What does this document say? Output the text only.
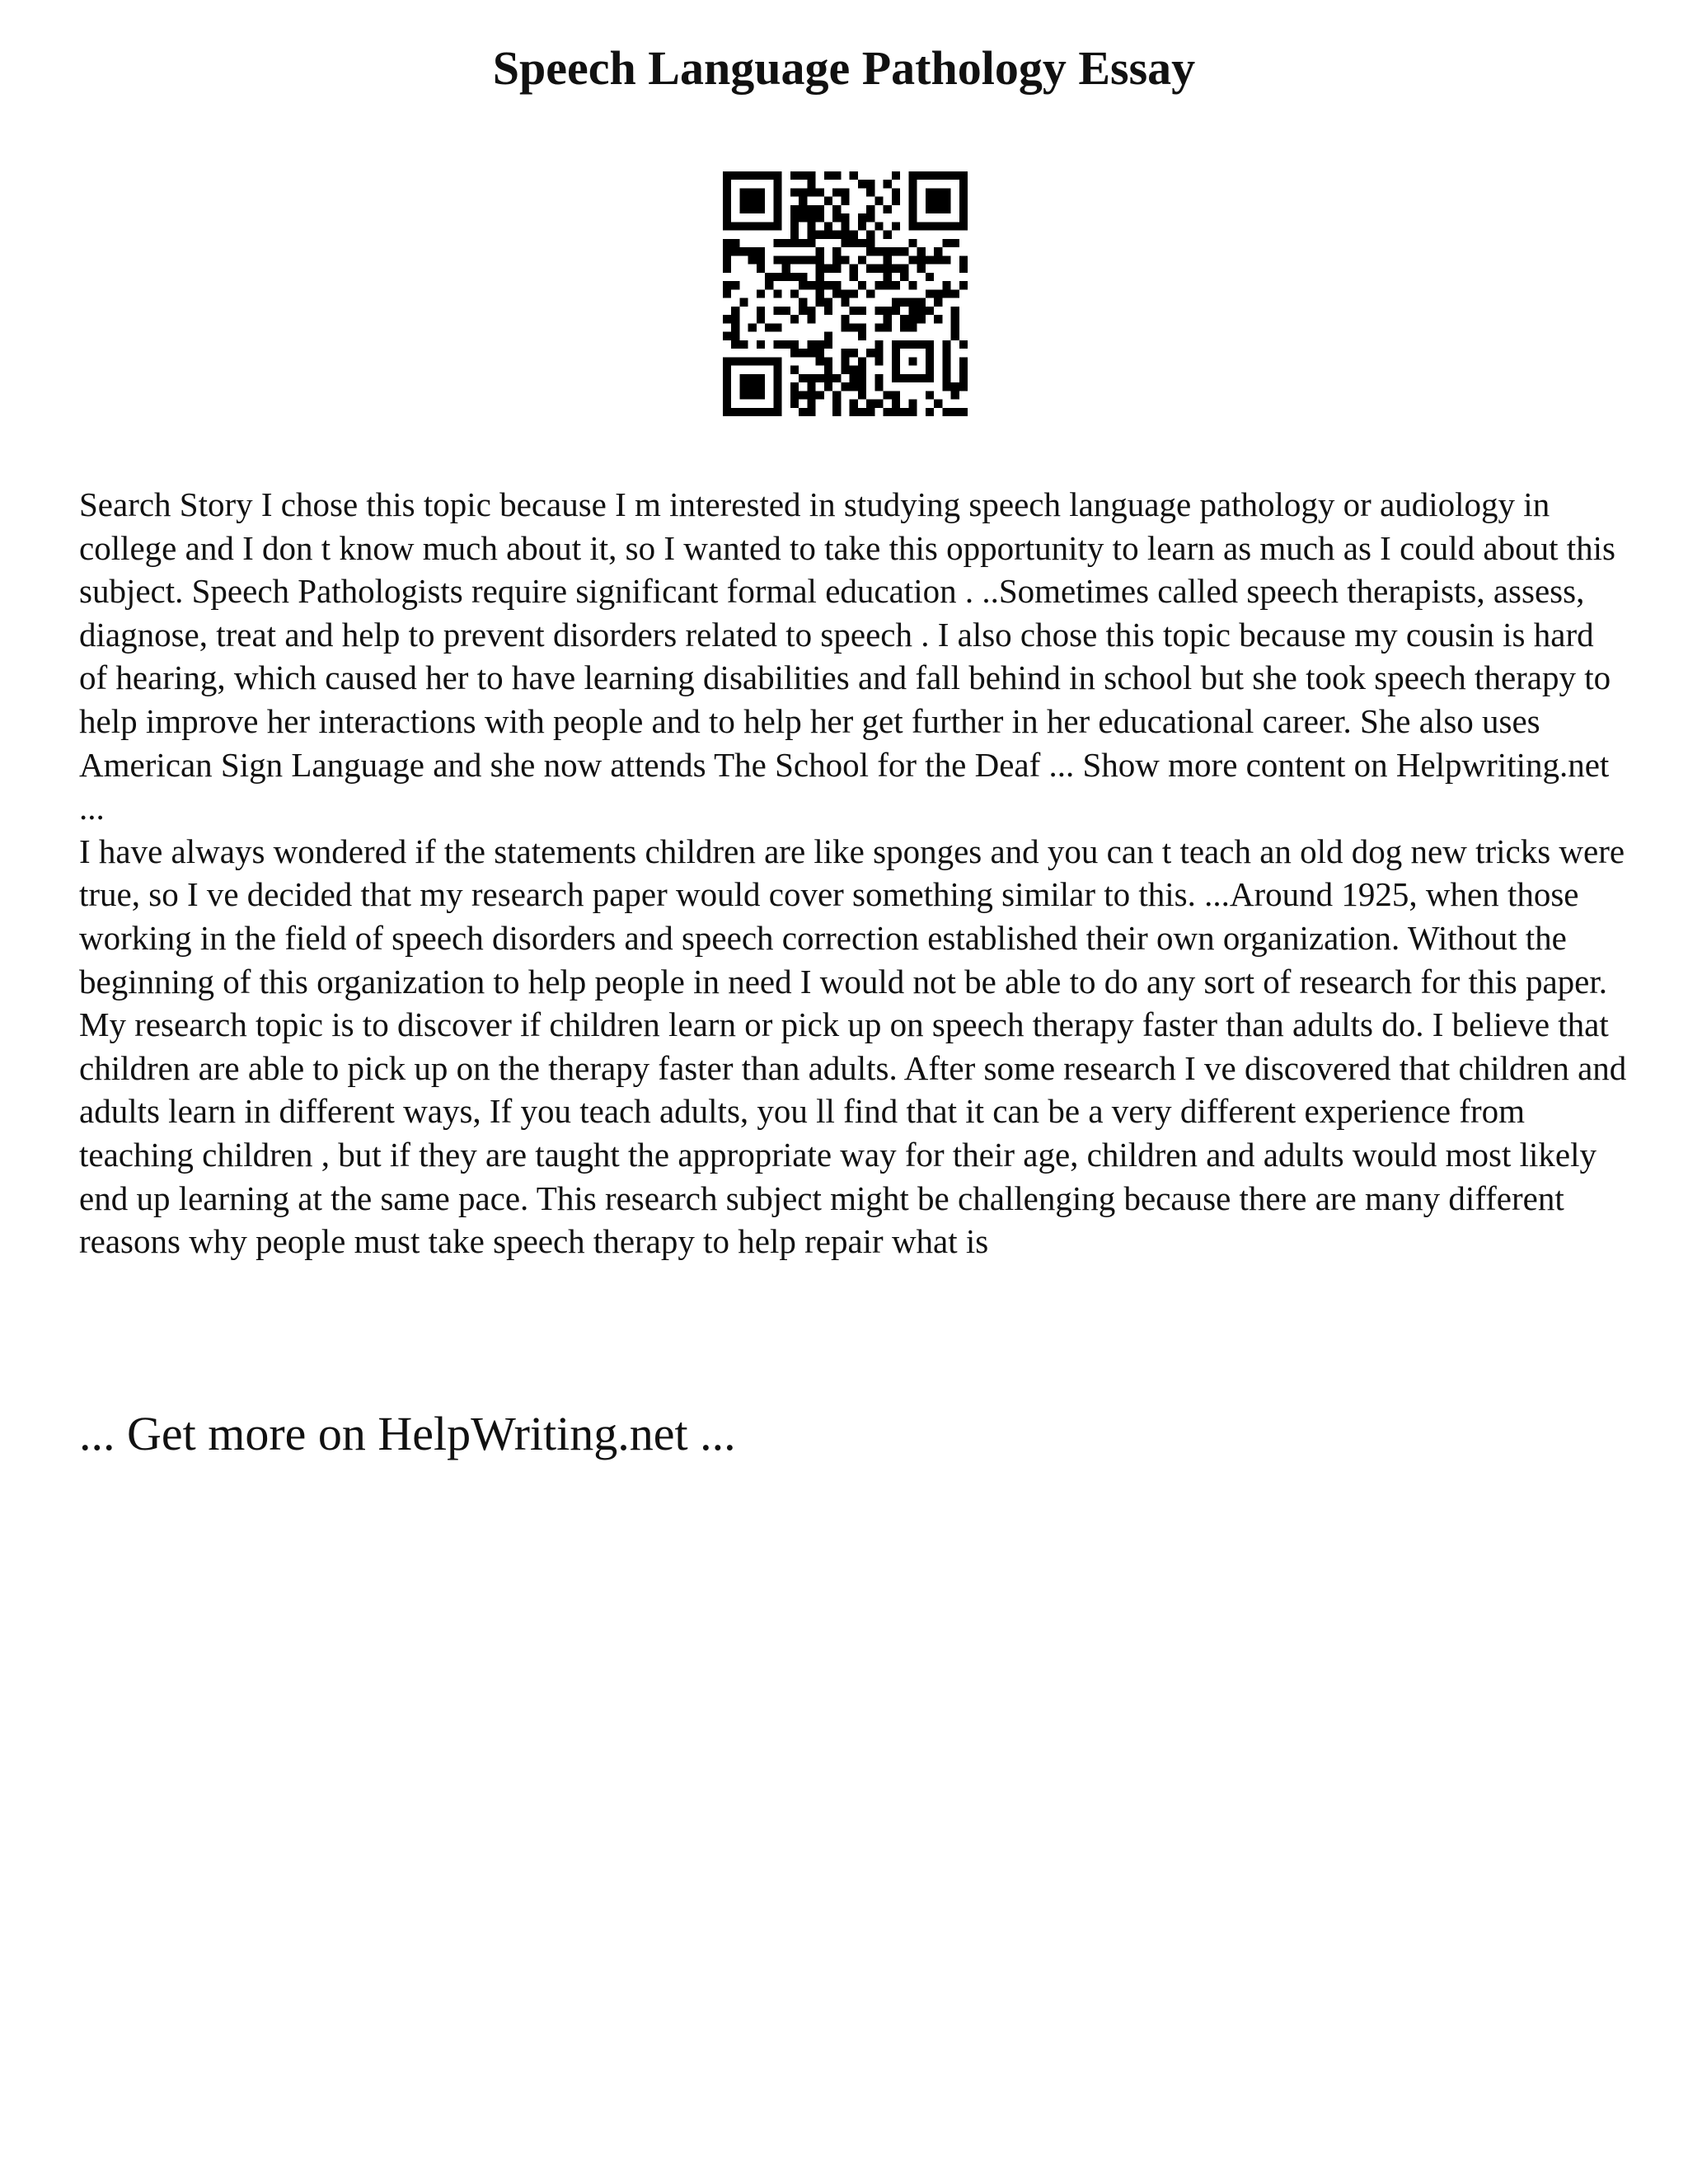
Speech Language Pathology Essay

Search Story I chose this topic because I m interested in studying speech language pathology or audiology in college and I don t know much about it, so I wanted to take this opportunity to learn as much as I could about this subject. Speech Pathologists require significant formal education . ..Sometimes called speech therapists, assess, diagnose, treat and help to prevent disorders related to speech . I also chose this topic because my cousin is hard of hearing, which caused her to have learning disabilities and fall behind in school but she took speech therapy to help improve her interactions with people and to help her get further in her educational career. She also uses American Sign Language and she now attends The School for the Deaf ... Show more content on Helpwriting.net ...

I have always wondered if the statements children are like sponges and you can t teach an old dog new tricks were true, so I ve decided that my research paper would cover something similar to this. ...Around 1925, when those working in the field of speech disorders and speech correction established their own organization. Without the beginning of this organization to help people in need I would not be able to do any sort of research for this paper. My research topic is to discover if children learn or pick up on speech therapy faster than adults do. I believe that children are able to pick up on the therapy faster than adults. After some research I ve discovered that children and adults learn in different ways, If you teach adults, you ll find that it can be a very different experience from teaching children , but if they are taught the appropriate way for their age, children and adults would most likely end up learning at the same pace. This research subject might be challenging because there are many different reasons why people must take speech therapy to help repair what is

... Get more on HelpWriting.net ...
